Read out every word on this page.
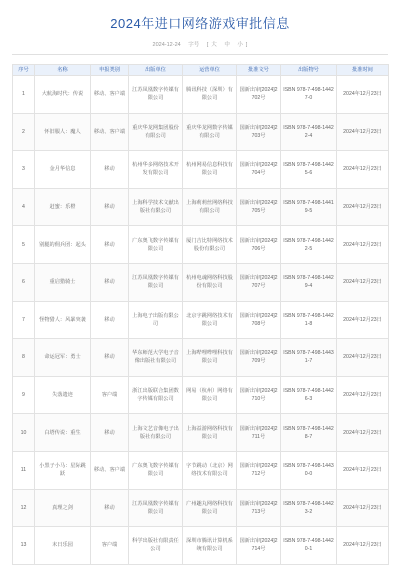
2024年进口网络游戏审批信息
2024-12-24 字号 [ 大 中 小 ]
序号	名称	申报类别	出版单位	运营单位	批准文号	出版物号	批准时间
1	大航海时代：传说	移动、客户端	江苏凤凰数字传媒有限公司	腾讯科技（深圳）有限公司	国新出审[2024]2702号	ISBN 978-7-498-14427-0	2024年12月23日
2	怀旧服人：魔人	移动、客户端	重庆华龙网集团股份有限公司	重庆华龙网数字传媒有限公司	国新出审[2024]2703号	ISBN 978-7-498-14422-4	2024年12月23日
3	金月华信息	移动	杭州华多网络技术开发有限公司	杭州网易信息科技有限公司	国新出审[2024]2704号	ISBN 978-7-498-14425-6	2024年12月23日
4	赶蜜：乐橙	移动	上海科学技术文献出版社有限公司	上海莉莉丝网络科技有限公司	国新出审[2024]2705号	ISBN 978-7-498-14419-5	2024年12月23日
5	别腿的佣兵团：起头	移动	广东奥飞数字传媒有限公司	厦门吉比特网络技术股份有限公司	国新出审[2024]2706号	ISBN 978-7-498-14422-5	2024年12月23日
6	重启猎骑士	移动	江苏凤凰数字传媒有限公司	杭州电魂网络科技股份有限公司	国新出审[2024]2707号	ISBN 978-7-498-14429-4	2024年12月23日
7	怪物猎人：风暴突袭	移动	上海电子出版有限公司	北京字跳网络技术有限公司	国新出审[2024]2708号	ISBN 978-7-498-14421-8	2024年12月23日
8	命运冠军：勇士	移动	华东师范大学电子音像出版社有限公司	上海哔哩哔哩科技有限公司	国新出审[2024]2709号	ISBN 978-7-498-14431-7	2024年12月23日
9	失落遗迹	客户端	浙江出版联合集团数字传媒有限公司	网易（杭州）网络有限公司	国新出审[2024]2710号	ISBN 978-7-498-14426-3	2024年12月23日
10	白塔传说：重生	移动	上海文艺音像电子出版社有限公司	上海益游网络科技有限公司	国新出审[2024]2711号	ISBN 978-7-498-14428-7	2024年12月23日
11	小黑子小马：星际跳跃	移动、客户端	广东奥飞数字传媒有限公司	字节跳动（北京）网络技术有限公司	国新出审[2024]2712号	ISBN 978-7-498-14430-0	2024年12月23日
12	真理之剑	移动	江苏凤凰数字传媒有限公司	广州趣丸网络科技有限公司	国新出审[2024]2713号	ISBN 978-7-498-14423-2	2024年12月23日
13	末日乐园	客户端	科学出版社有限责任公司	深圳市腾讯计算机系统有限公司	国新出审[2024]2714号	ISBN 978-7-498-14420-1	2024年12月23日
